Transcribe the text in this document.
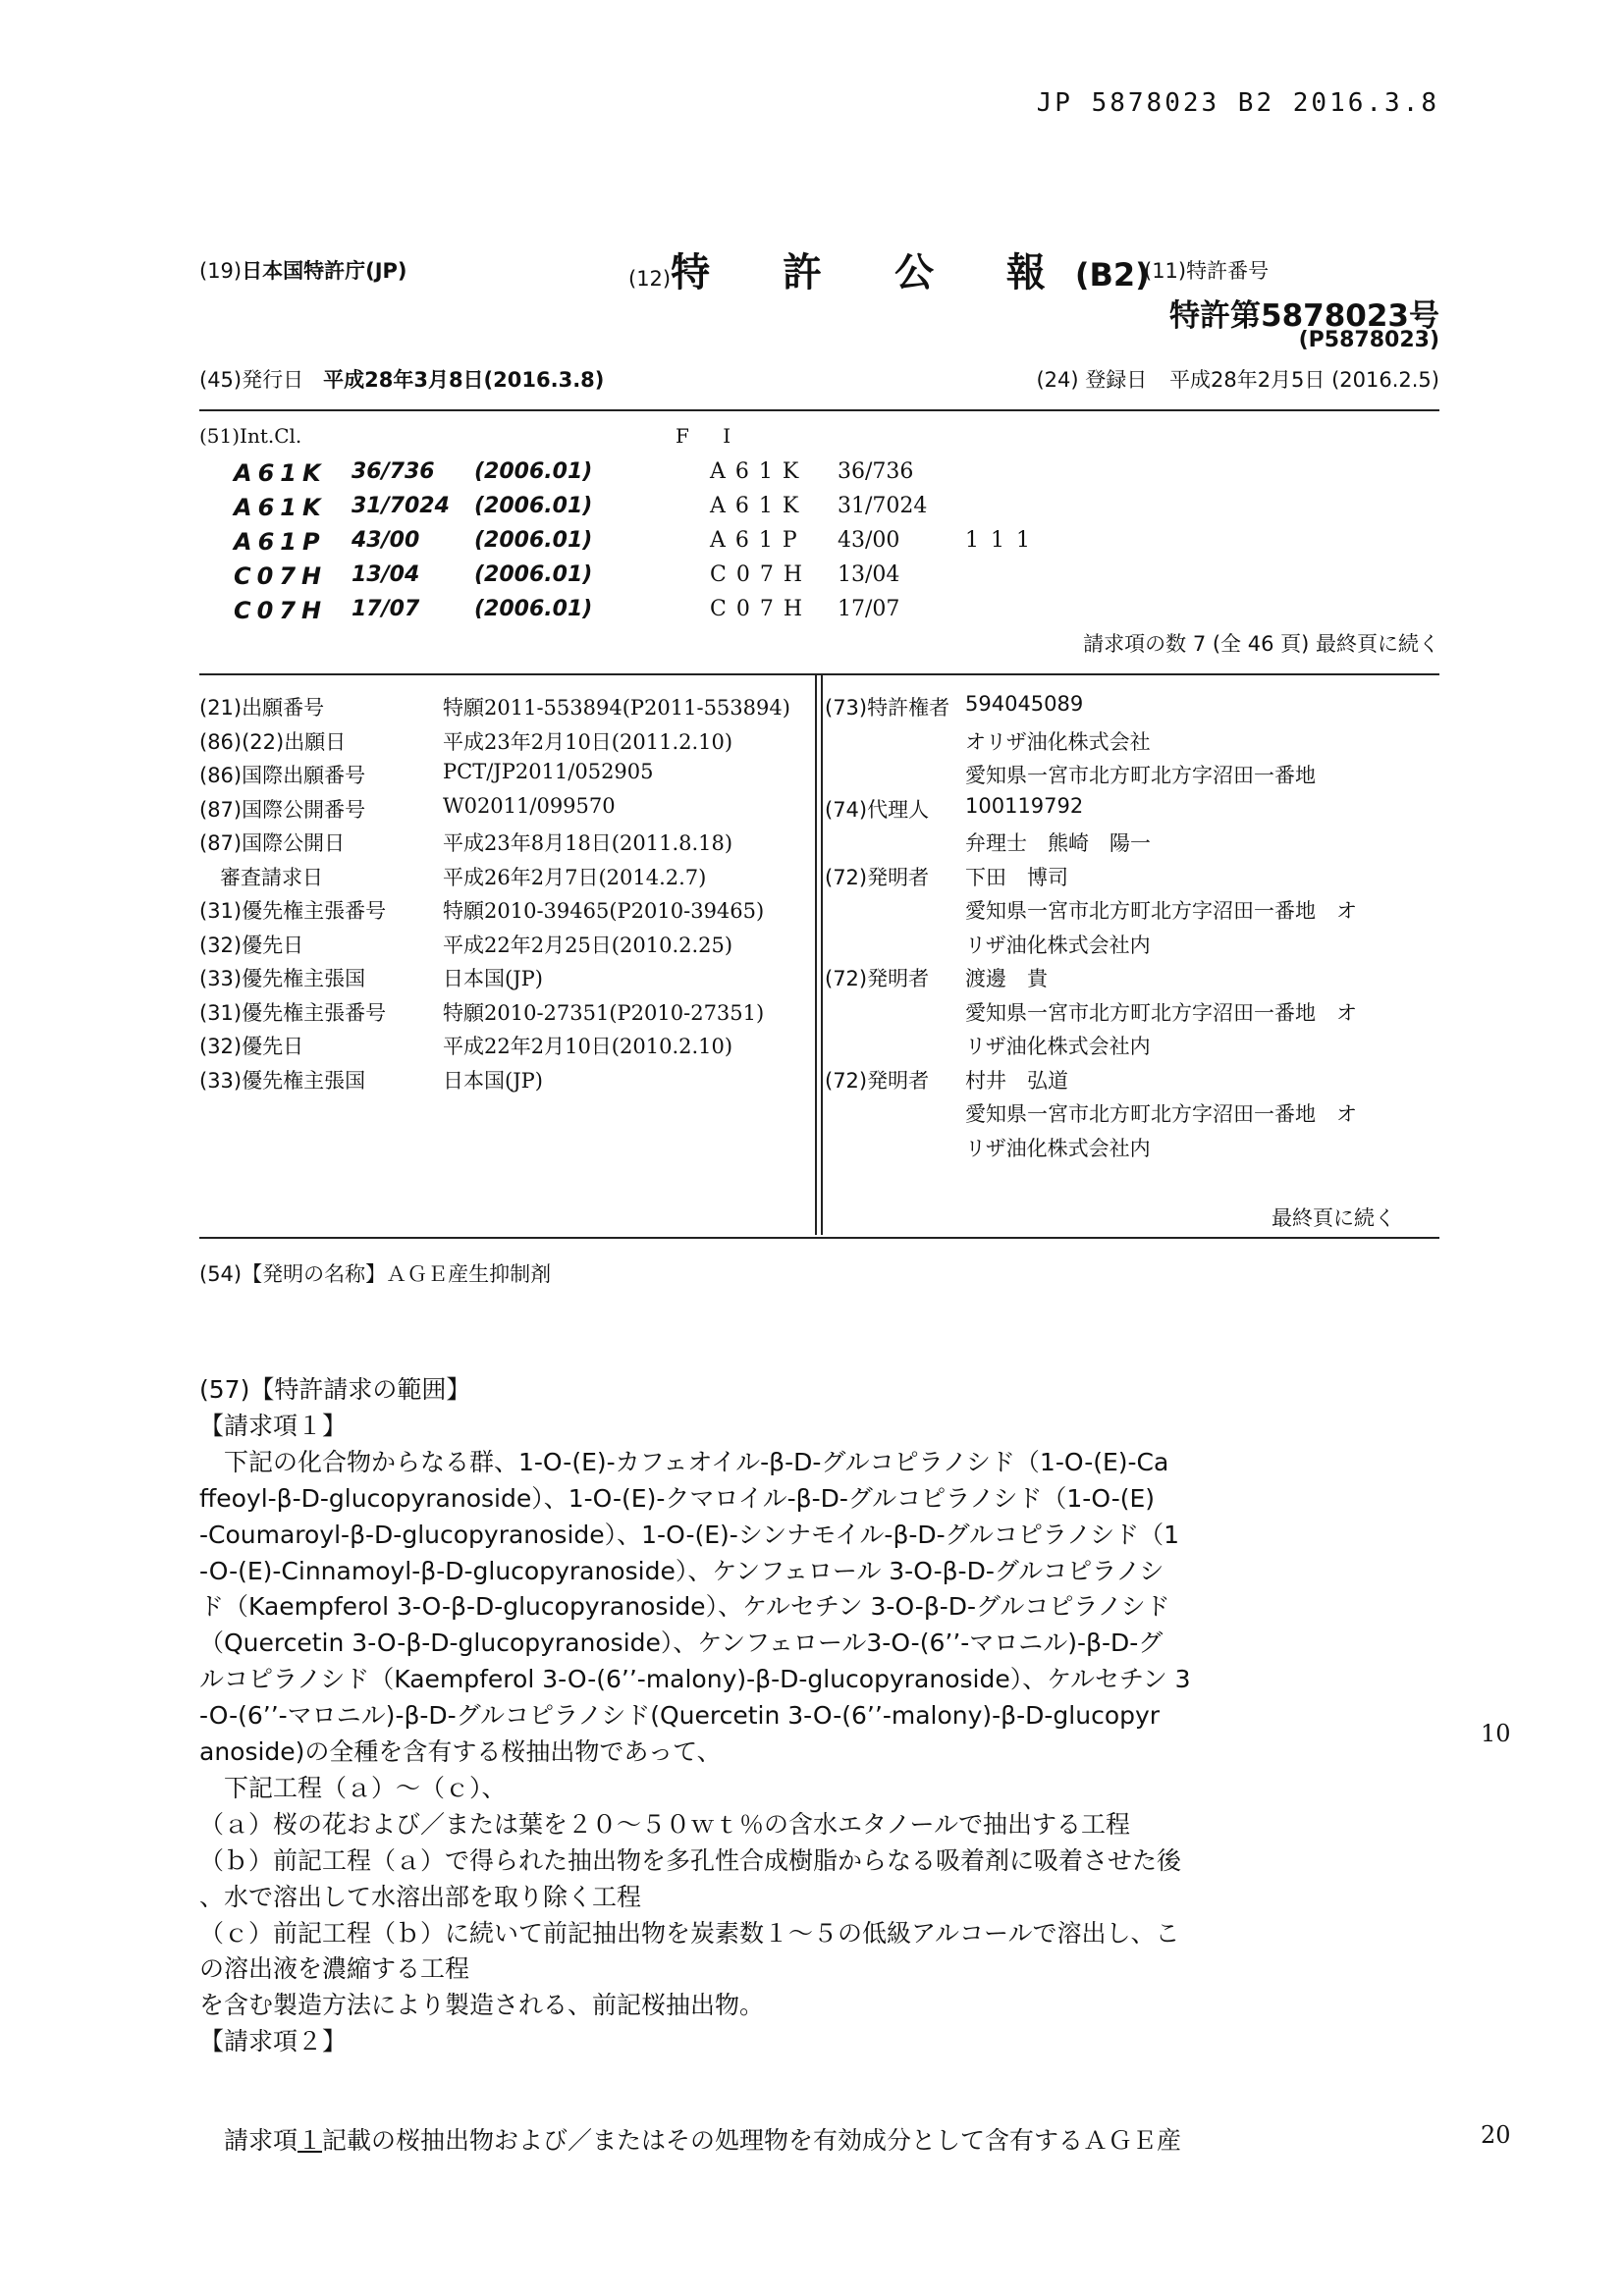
JP 5878023 B2 2016.3.8
(19)日本国特許庁(JP)	(12)特 許 公 報(B2)
(11)特許番号
特許第5878023号
(P5878023)
(45)発行日 平成28年3月8日(2016.3.8)	(24) 登録日 平成28年2月5日 (2016.2.5)
(51)Int.Cl.	F I
A61K 36/736 (2006.01)	A61K 36/736
A61K 31/7024 (2006.01)	A61K 31/7024
A61P 43/00	(2006.01)	A61P 43/00	111
C07H 13/04	(2006.01)	C07H 13/04
C07H 17/07	(2006.01)	C07H 17/07
請求項の数 7 (全 46 頁) 最終頁に続く
(21)出願番号	特願2011-553894(P2011-553894)
(86)(22)出願日	平成23年2月10日(2011.2.10)
(86)国際出願番号	PCT/JP2011/052905
(87)国際公開番号	W02011/099570
(87)国際公開日	平成23年8月18日(2011.8.18)
　審査請求日	平成26年2月7日(2014.2.7)
(31)優先権主張番号	特願2010-39465(P2010-39465)
(32)優先日	平成22年2月25日(2010.2.25)
(33)優先権主張国	日本国(JP)
(31)優先権主張番号	特願2010-27351(P2010-27351)
(32)優先日	平成22年2月10日(2010.2.10)
(33)優先権主張国	日本国(JP)
(73)特許権者 594045089
オリザ油化株式会社
愛知県一宮市北方町北方字沼田一番地
(74)代理人 100119792
弁理士　熊崎　陽一
(72)発明者 下田　博司
愛知県一宮市北方町北方字沼田一番地　オ
リザ油化株式会社内
(72)発明者 渡邊　貴
愛知県一宮市北方町北方字沼田一番地　オ
リザ油化株式会社内
(72)発明者 村井　弘道
愛知県一宮市北方町北方字沼田一番地　オ
リザ油化株式会社内
最終頁に続く
(54)【発明の名称】ＡＧＥ産生抑制剤
(57)【特許請求の範囲】
【請求項１】
　下記の化合物からなる群、1-O-(E)-カフェオイル-β-D-グルコピラノシド（1-O-(E)-Ca
ffeoyl-β-D-glucopyranoside）、1-O-(E)-クマロイル-β-D-グルコピラノシド（1-O-(E)
-Coumaroyl-β-D-glucopyranoside）、1-O-(E)-シンナモイル-β-D-グルコピラノシド（1
-O-(E)-Cinnamoyl-β-D-glucopyranoside）、ケンフェロール 3-O-β-D-グルコピラノシ
ド（Kaempferol 3-O-β-D-glucopyranoside）、ケルセチン 3-O-β-D-グルコピラノシド
（Quercetin 3-O-β-D-glucopyranoside）、ケンフェロール3-O-(6’’-マロニル)-β-D-グ
ルコピラノシド（Kaempferol 3-O-(6’’-malony)-β-D-glucopyranoside）、ケルセチン 3
-O-(6’’-マロニル)-β-D-グルコピラノシド(Quercetin 3-O-(6’’-malony)-β-D-glucopyr
anoside)の全種を含有する桜抽出物であって、
　下記工程（ａ）～（ｃ）、
（ａ）桜の花および／または葉を２０～５０ｗｔ％の含水エタノールで抽出する工程
（ｂ）前記工程（ａ）で得られた抽出物を多孔性合成樹脂からなる吸着剤に吸着させた後
、水で溶出して水溶出部を取り除く工程
（ｃ）前記工程（ｂ）に続いて前記抽出物を炭素数１～５の低級アルコールで溶出し、こ
の溶出液を濃縮する工程
を含む製造方法により製造される、前記桜抽出物。
【請求項２】
　請求項１記載の桜抽出物および／またはその処理物を有効成分として含有するＡＧＥ産
10
20
